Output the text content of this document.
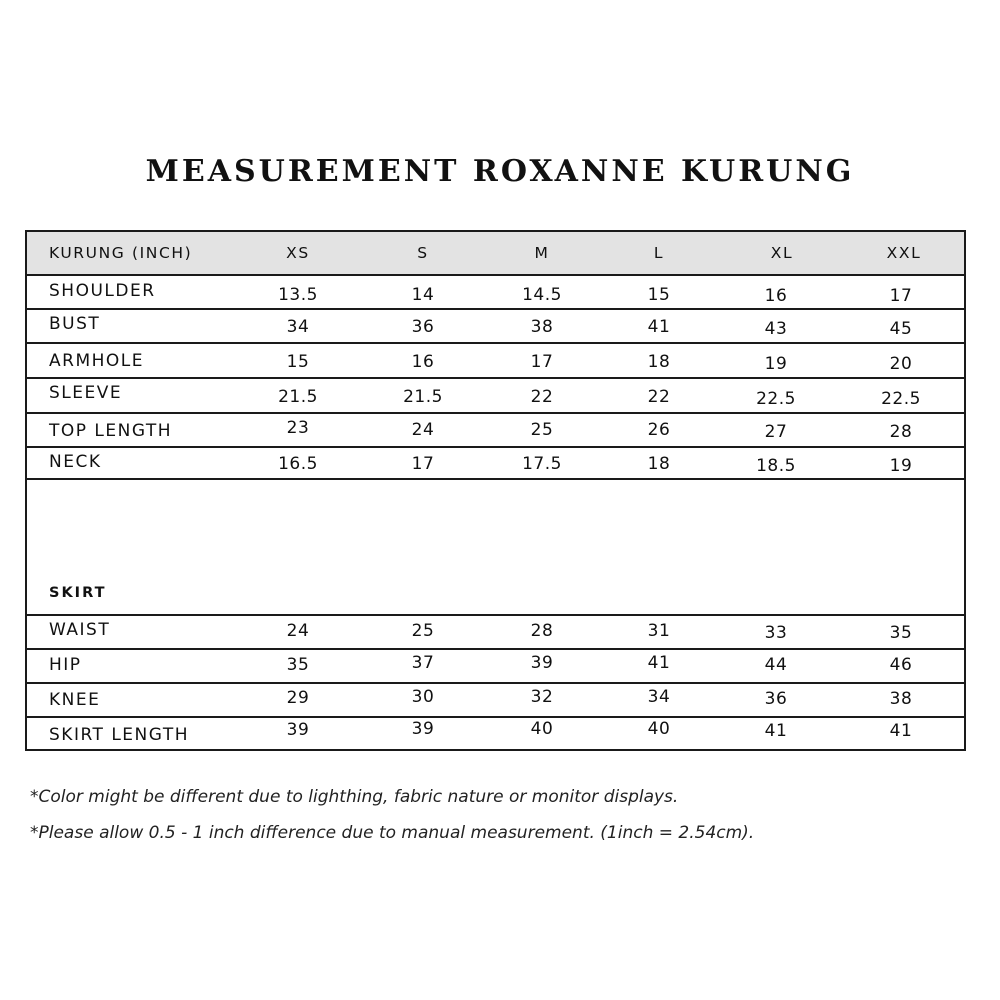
MEASUREMENT ROXANNE KURUNG
KURUNG (INCH)	XS	S	M	L	XL	XXL
SHOULDER	13.5	14	14.5	15	16	17
BUST	34	36	38	41	43	45
ARMHOLE	15	16	17	18	19	20
SLEEVE	21.5	21.5	22	22	22.5	22.5
TOP LENGTH	23	24	25	26	27	28
NECK	16.5	17	17.5	18	18.5	19
SKIRT
WAIST	24	25	28	31	33	35
HIP	35	37	39	41	44	46
KNEE	29	30	32	34	36	38
SKIRT LENGTH	39	39	40	40	41	41
*Color might be different due to lighthing, fabric nature or monitor displays.
*Please allow 0.5 - 1 inch difference due to manual measurement. (1inch = 2.54cm).
